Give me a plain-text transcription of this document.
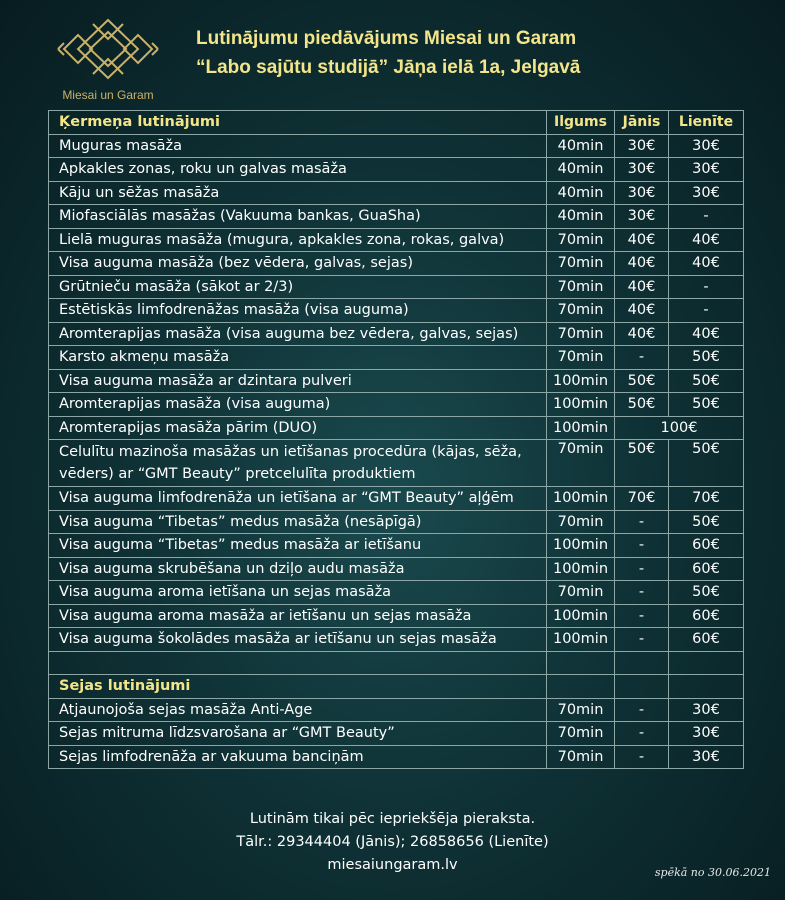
Miesai un Garam
Lutinājumu piedāvājums Miesai un Garam
“Labo sajūtu studijā” Jāņa ielā 1a, Jelgavā
Ķermeņa lutinājumi	Ilgums	Jānis	Lienīte
Muguras masāža	40min	30€	30€
Apkakles zonas, roku un galvas masāža	40min	30€	30€
Kāju un sēžas masāža	40min	30€	30€
Miofasciālās masāžas (Vakuuma bankas, GuaSha)	40min	30€	-
Lielā muguras masāža (mugura, apkakles zona, rokas, galva)	70min	40€	40€
Visa auguma masāža (bez vēdera, galvas, sejas)	70min	40€	40€
Grūtnieču masāža (sākot ar 2/3)	70min	40€	-
Estētiskās limfodrenāžas masāža (visa auguma)	70min	40€	-
Aromterapijas masāža (visa auguma bez vēdera, galvas, sejas)	70min	40€	40€
Karsto akmeņu masāža	70min	-	50€
Visa auguma masāža ar dzintara pulveri	100min	50€	50€
Aromterapijas masāža (visa auguma)	100min	50€	50€
Aromterapijas masāža pārim (DUO)	100min	100€	
Celulītu mazinoša masāžas un ietīšanas procedūra (kājas, sēža, vēders) ar “GMT Beauty” pretcelulīta produktiem	70min	50€	50€
Visa auguma limfodrenāža un ietīšana ar “GMT Beauty” aļģēm	100min	70€	70€
Visa auguma “Tibetas” medus masāža (nesāpīgā)	70min	-	50€
Visa auguma “Tibetas” medus masāža ar ietīšanu	100min	-	60€
Visa auguma skrubēšana un dziļo audu masāža	100min	-	60€
Visa auguma aroma ietīšana un sejas masāža	70min	-	50€
Visa auguma aroma masāža ar ietīšanu un sejas masāža	100min	-	60€
Visa auguma šokolādes masāža ar ietīšanu un sejas masāža	100min	-	60€

Sejas lutinājumi			
Atjaunojoša sejas masāža Anti-Age	70min	-	30€
Sejas mitruma līdzsvarošana ar “GMT Beauty”	70min	-	30€
Sejas limfodrenāža ar vakuuma banciņām	70min	-	30€
Lutinām tikai pēc iepriekšēja pieraksta.
Tālr.: 29344404 (Jānis); 26858656 (Lienīte)
miesaiungaram.lv	spēkā no 30.06.2021
